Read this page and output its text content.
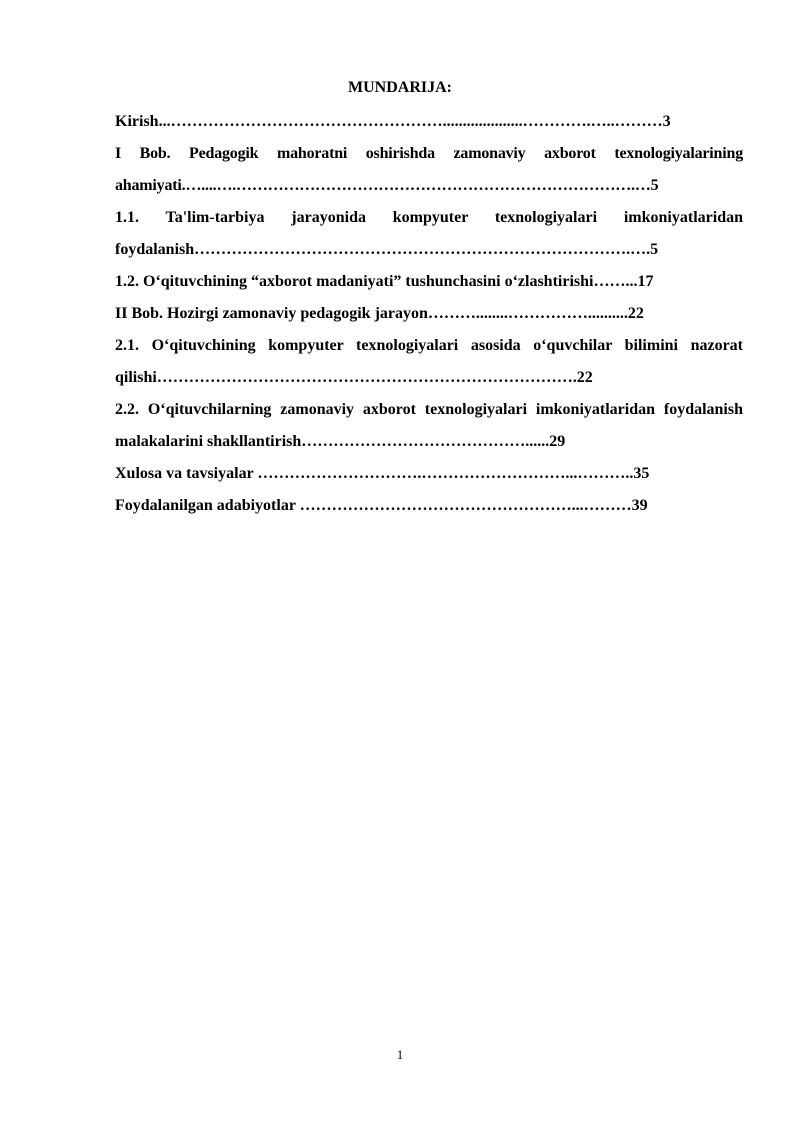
MUNDARIJA:
Kirish...……………………………………………....................………….…..………3
I Bob. Pedagogik mahoratni oshirishda zamonaviy axborot texnologiyalarining ahamiyati.…....….………………………………………………………………….…5
1.1. Ta'lim-tarbiya jarayonida kompyuter texnologiyalari imkoniyatlaridan foydalanish……………………………………………………………………….….5
1.2. O‘qituvchining “axborot madaniyati” tushunchasini o‘zlashtirishi……...17
II Bob. Hozirgi zamonaviy pedagogik jarayon………........……………..........22
2.1. O‘qituvchining kompyuter texnologiyalari asosida o‘quvchilar bilimini nazorat qilishi…………………………………………………………………….22
2.2. O‘qituvchilarning zamonaviy axborot texnologiyalari imkoniyatlaridan foydalanish malakalarini shakllantirish……………………………………......29
Xulosa va tavsiyalar ………………………….………………………...………..35
Foydalanilgan adabiyotlar ……………………………………………...………39
1
